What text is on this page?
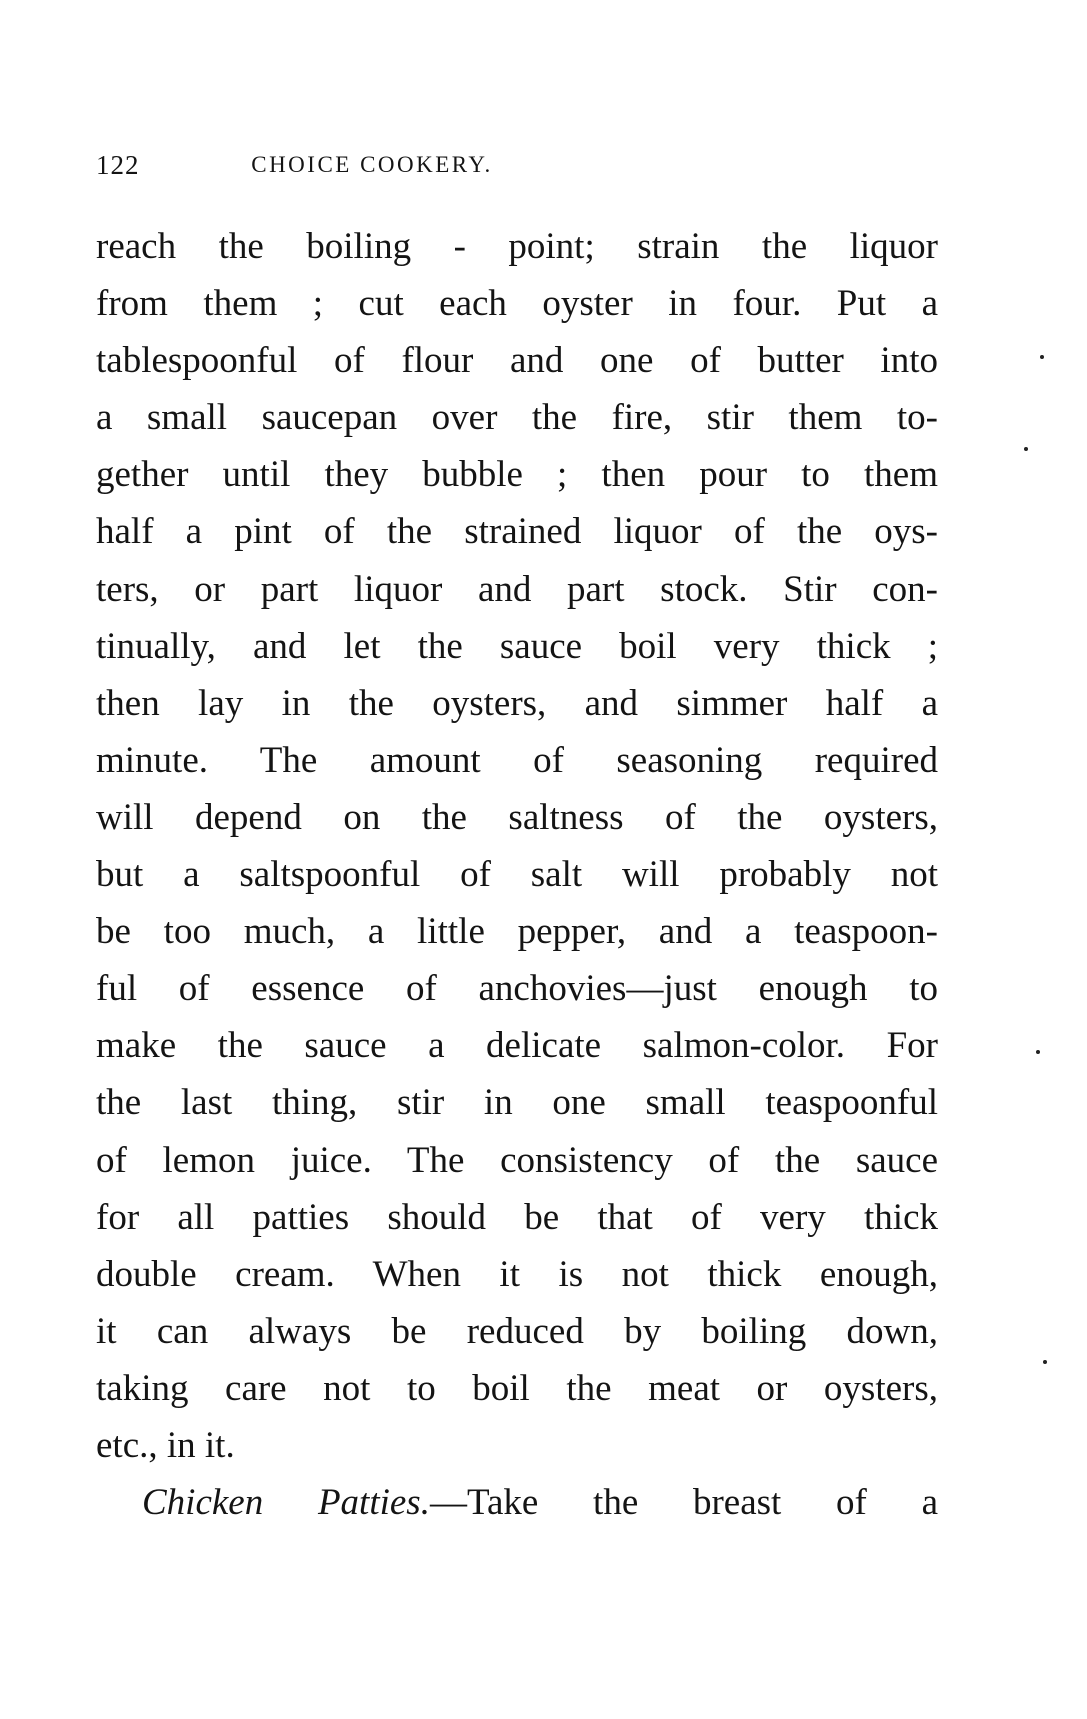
122	CHOICE COOKERY.
reach the boiling - point; strain the liquor
from them ; cut each oyster in four. Put a
tablespoonful of flour and one of butter into
a small saucepan over the fire, stir them to-
gether until they bubble ; then pour to them
half a pint of the strained liquor of the oys-
ters, or part liquor and part stock. Stir con-
tinually, and let the sauce boil very thick ;
then lay in the oysters, and simmer half a
minute. The amount of seasoning required
will depend on the saltness of the oysters,
but a saltspoonful of salt will probably not
be too much, a little pepper, and a teaspoon-
ful of essence of anchovies—just enough to
make the sauce a delicate salmon-color. For
the last thing, stir in one small teaspoonful
of lemon juice. The consistency of the sauce
for all patties should be that of very thick
double cream. When it is not thick enough,
it can always be reduced by boiling down,
taking care not to boil the meat or oysters,
etc., in it.
Chicken Patties.—Take the breast of a
